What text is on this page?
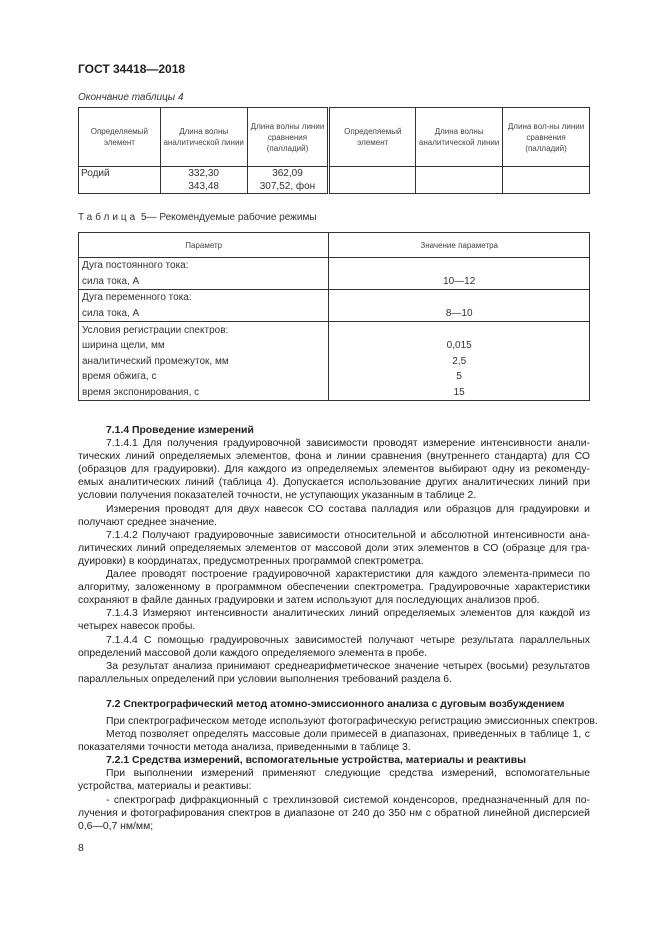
ГОСТ 34418—2018
Окончание таблицы 4
Определяемый элемент	Длина волны аналитической линии	Длина волны линии сравнения (палладий)	Определяемый элемент	Длина волны аналитической линии	Длина вол-ны линии сравнения (палладий)
Родий	332,30	362,09			
	343,48	307,52, фон			
Таблица 5— Рекомендуемые рабочие режимы
Параметр	Значение параметра
Дуга постоянного тока:	
сила тока, А	10—12
Дуга переменного тока:	
сила тока, А	8—10
Условия регистрации спектров:	
ширина щели, мм	0,015
аналитический промежуток, мм	2,5
время обжига, с	5
время экспонирования, с	15
7.1.4 Проведение измерений
7.1.4.1 Для получения градуировочной зависимости проводят измерение интенсивности анали-
тических линий определяемых элементов, фона и линии сравнения (внутреннего стандарта) для СО
(образцов для градуировки). Для каждого из определяемых элементов выбирают одну из рекоменду-
емых аналитических линий (таблица 4). Допускается использование других аналитических линий при
условии получения показателей точности, не уступающих указанным в таблице 2.
Измерения проводят для двух навесок СО состава палладия или образцов для градуировки и
получают среднее значение.
7.1.4.2 Получают градуировочные зависимости относительной и абсолютной интенсивности ана-
литических линий определяемых элементов от массовой доли этих элементов в СО (образце для гра-
дуировки) в координатах, предусмотренных программой спектрометра.
Далее проводят построение градуировочной характеристики для каждого элемента-примеси по
алгоритму, заложенному в программном обеспечении спектрометра. Градуировочные характеристики
сохраняют в файле данных градуировки и затем используют для последующих анализов проб.
7.1.4.3 Измеряют интенсивности аналитических линий определяемых элементов для каждой из
четырех навесок пробы.
7.1.4.4 С помощью градуировочных зависимостей получают четыре результата параллельных
определений массовой доли каждого определяемого элемента в пробе.
За результат анализа принимают среднеарифметическое значение четырех (восьми) результатов
параллельных определений при условии выполнения требований раздела 6.
7.2 Спектрографический метод атомно-эмиссионного анализа с дуговым возбуждением
При спектрографическом методе используют фотографическую регистрацию эмиссионных спектров.
Метод позволяет определять массовые доли примесей в диапазонах, приведенных в таблице 1, с
показателями точности метода анализа, приведенными в таблице 3.
7.2.1 Средства измерений, вспомогательные устройства, материалы и реактивы
При выполнении измерений применяют следующие средства измерений, вспомогательные
устройства, материалы и реактивы:
- спектрограф дифракционный с трехлинзовой системой конденсоров, предназначенный для по-
лучения и фотографирования спектров в диапазоне от 240 до 350 нм с обратной линейной дисперсией
0,6—0,7 нм/мм;
8
